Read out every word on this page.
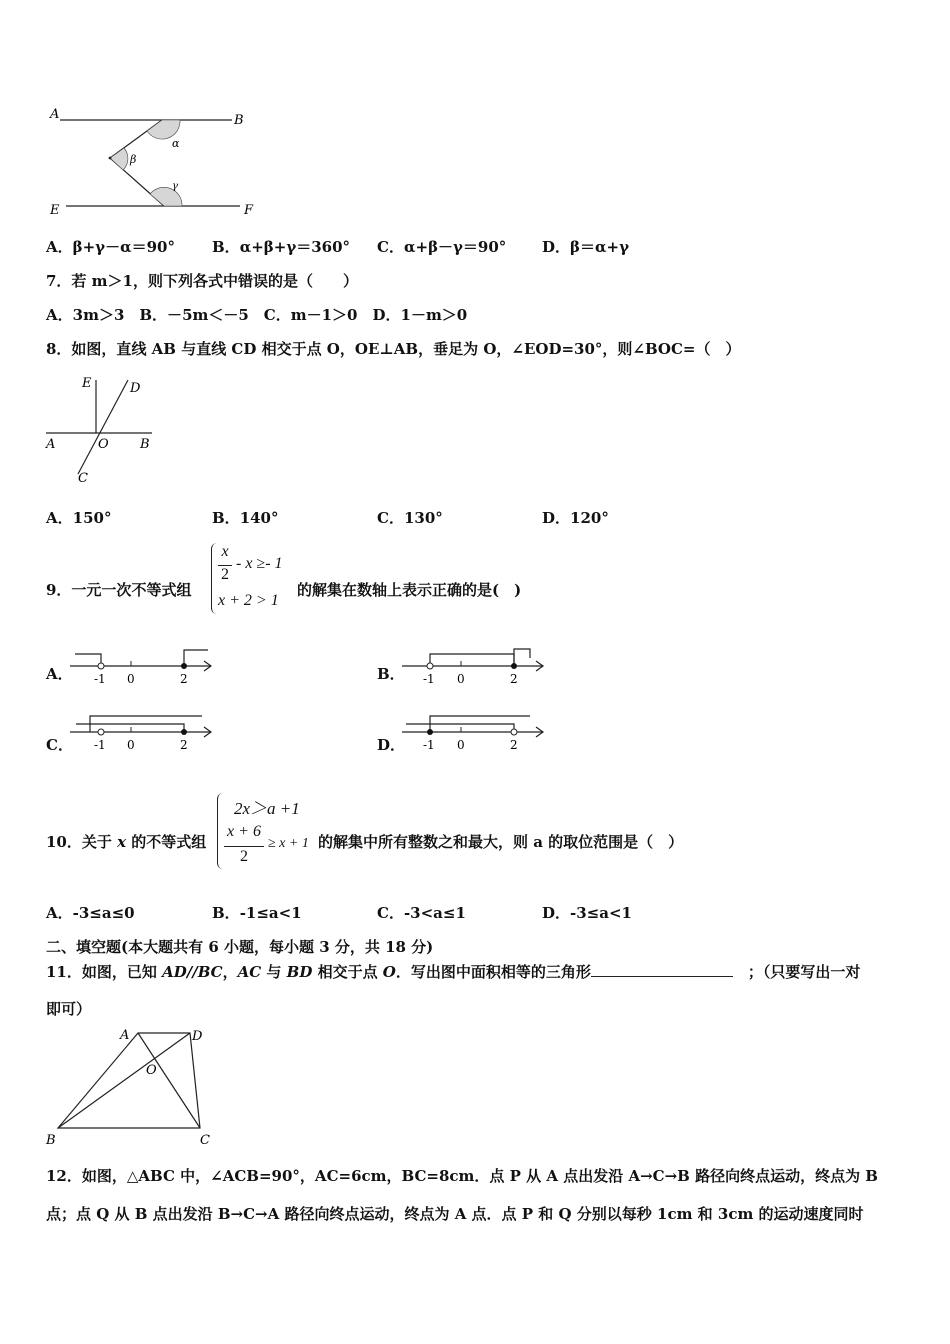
A	B
E	F
α
β
γ
A．β+γ－α＝90° B．α+β+γ＝360° C．α+β－γ＝90° D．β＝α+γ
7．若 m＞1，则下列各式中错误的是（　　）
A．3m＞3　B．－5m＜－5　C．m－1＞0　D．1－m＞0
8．如图，直线 AB 与直线 CD 相交于点 O，OE⊥AB，垂足为 O，∠EOD=30°，则∠BOC=（　）
E	D
A	O B
C
A．150°	B．140°	C．130°	D．120°
9．一元一次不等式组
x
2
- x ≥- 1
x + 2 > 1
的解集在数轴上表示正确的是(　)
A．	B．
C．	D．
-1 0	2	-1 0	2
-1 0	2	-1 0	2
10．关于 x 的不等式组
2x＞a +1
x + 6
2
≥ x + 1 的解集中所有整数之和最大，则 a 的取位范围是（　）
A．-3≤a≤0	B．-1≤a<1	C．-3<a≤1	D．-3≤a<1
二、填空题(本大题共有 6 小题，每小题 3 分，共 18 分)
11．如图，已知 AD//BC，AC 与 BD 相交于点 O．写出图中面积相等的三角形　	；（只要写出一对
即可）
A	D
O
B	C
12．如图，△ABC 中，∠ACB=90°，AC=6cm，BC=8cm．点 P 从 A 点出发沿 A→C→B 路径向终点运动，终点为 B
点；点 Q 从 B 点出发沿 B→C→A 路径向终点运动，终点为 A 点．点 P 和 Q 分别以每秒 1cm 和 3cm 的运动速度同时
